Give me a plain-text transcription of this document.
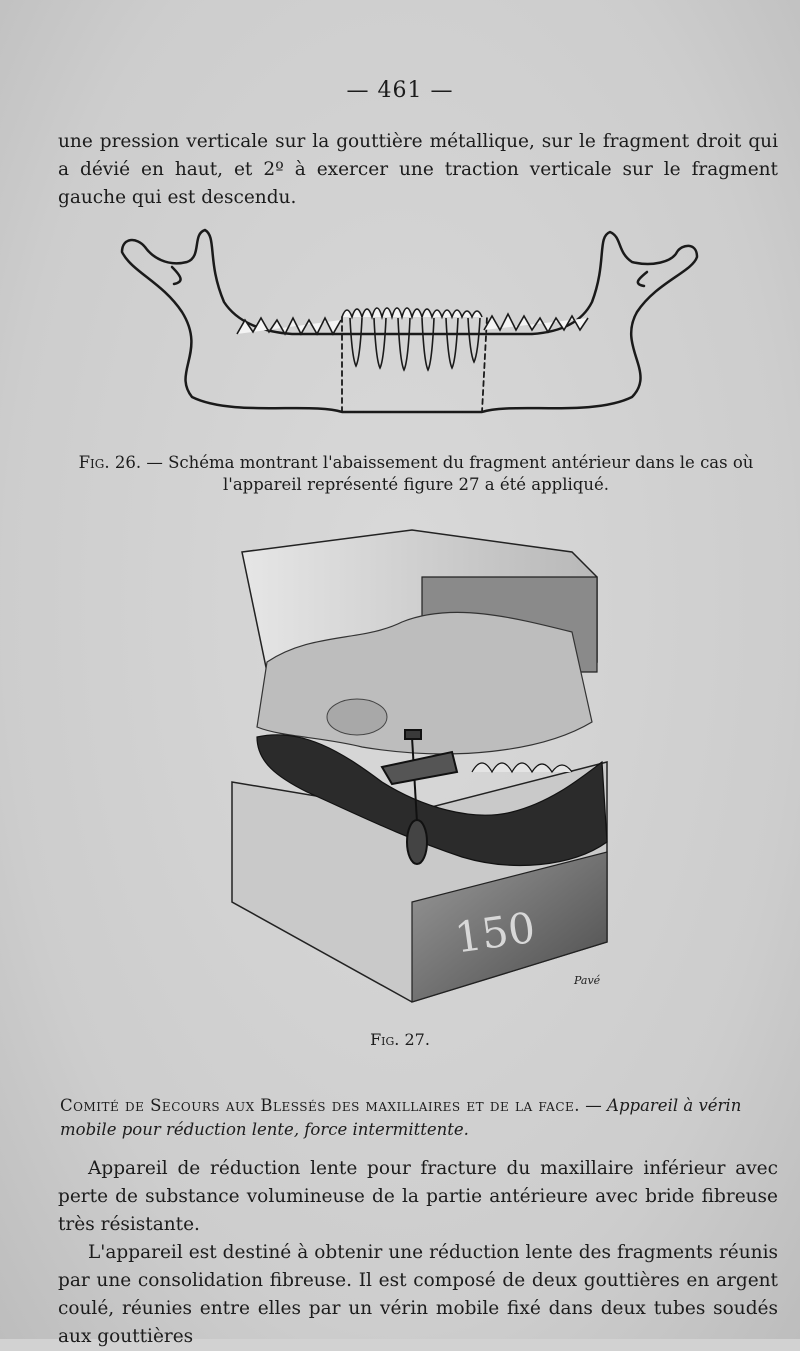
— 461 —
une pression verticale sur la gouttière métallique, sur le fragment droit qui a dévié en haut, et 2º à exercer une traction verticale sur le fragment gauche qui est descendu.
Fig. 26. — Schéma montrant l'abaissement du fragment antérieur dans le cas où l'appareil représenté figure 27 a été appliqué.
150
Pavé
Fig. 27.
Comité de Secours aux Blessés des maxillaires et de la face. — Appareil à vérin mobile pour réduction lente, force intermittente.

Appareil de réduction lente pour fracture du maxillaire inférieur avec perte de substance volumineuse de la partie antérieure avec bride fibreuse très résistante.

L'appareil est destiné à obtenir une réduction lente des fragments réunis par une consolidation fibreuse. Il est composé de deux gouttières en argent coulé, réunies entre elles par un vérin mobile fixé dans deux tubes soudés aux gouttières
